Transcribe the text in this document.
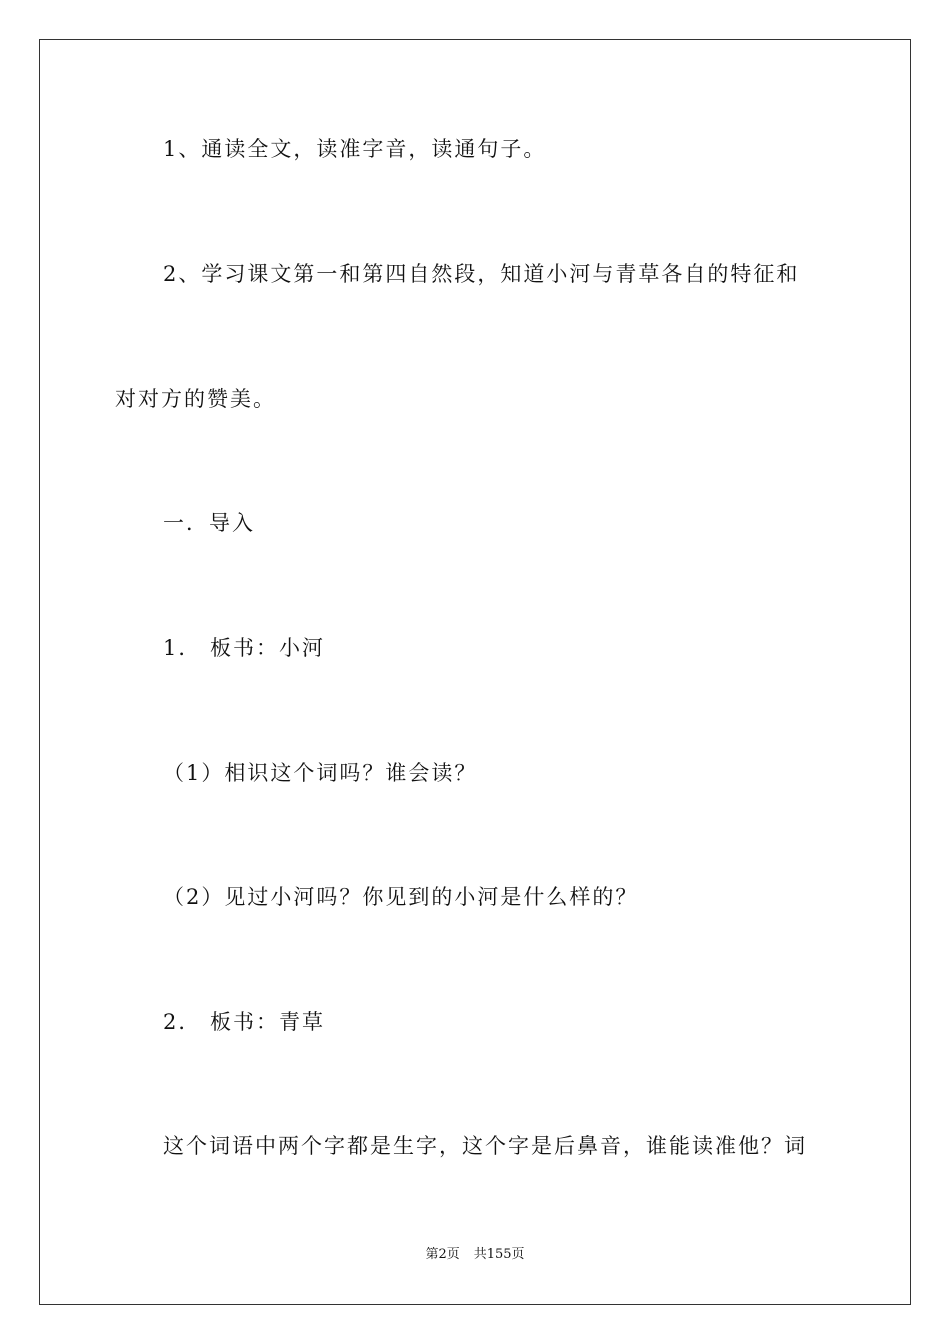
1、通读全文，读准字音，读通句子。
2、学习课文第一和第四自然段，知道小河与青草各自的特征和
对对方的赞美。
一．导入
1． 板书：小河
（1）相识这个词吗？谁会读？
（2）见过小河吗？你见到的小河是什么样的？
2． 板书：青草
这个词语中两个字都是生字，这个字是后鼻音，谁能读准他？词
第2页 共155页
